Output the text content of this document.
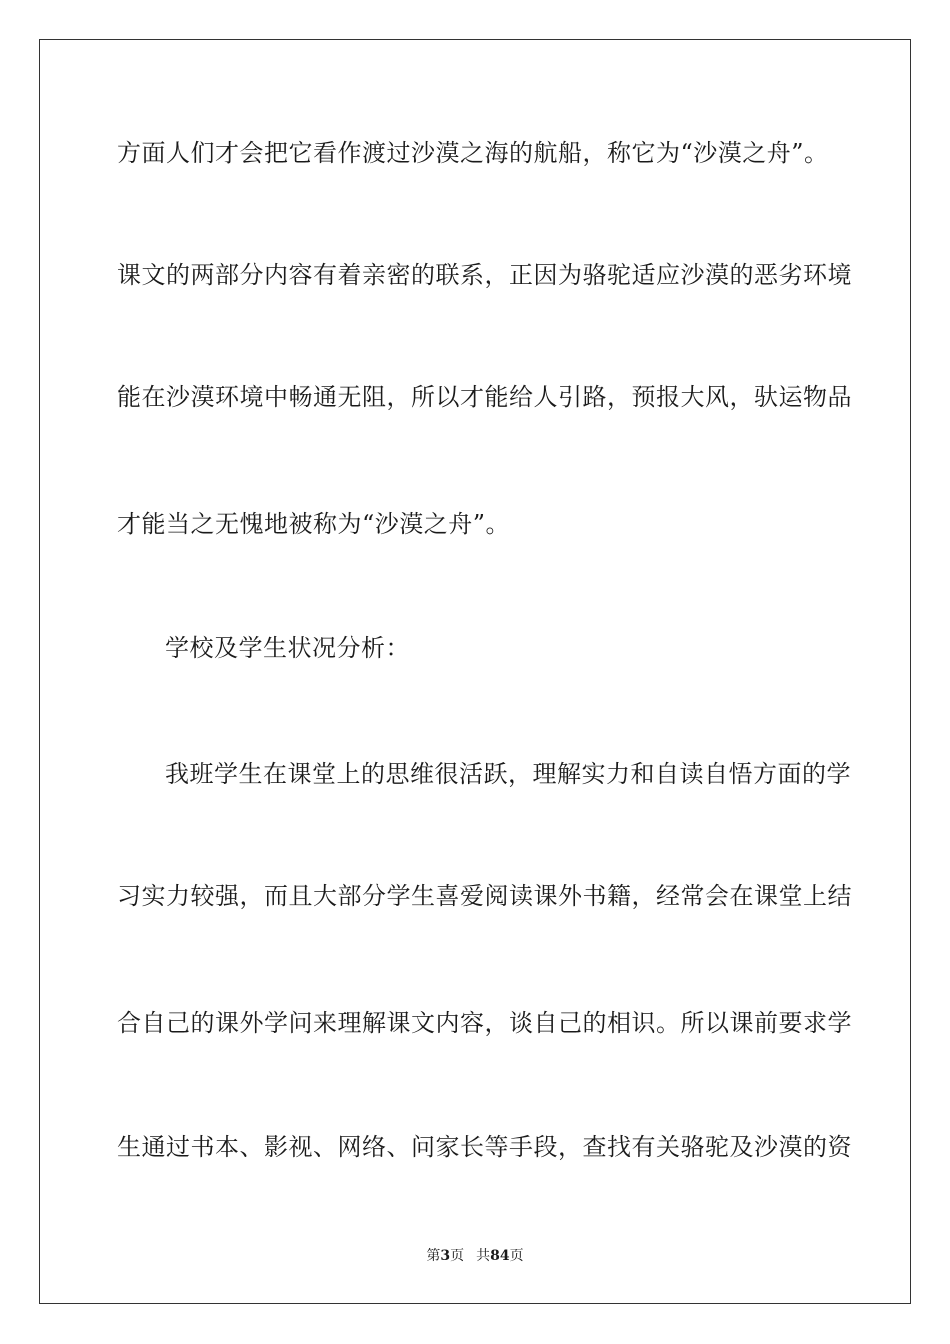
方面人们才会把它看作渡过沙漠之海的航船，称它为“沙漠之舟”。
课文的两部分内容有着亲密的联系，正因为骆驼适应沙漠的恶劣环境
能在沙漠环境中畅通无阻，所以才能给人引路，预报大风，驮运物品
才能当之无愧地被称为“沙漠之舟”。
学校及学生状况分析：
我班学生在课堂上的思维很活跃，理解实力和自读自悟方面的学
习实力较强，而且大部分学生喜爱阅读课外书籍，经常会在课堂上结
合自己的课外学问来理解课文内容，谈自己的相识。所以课前要求学
生通过书本、影视、网络、问家长等手段，查找有关骆驼及沙漠的资
第3页 共84页
